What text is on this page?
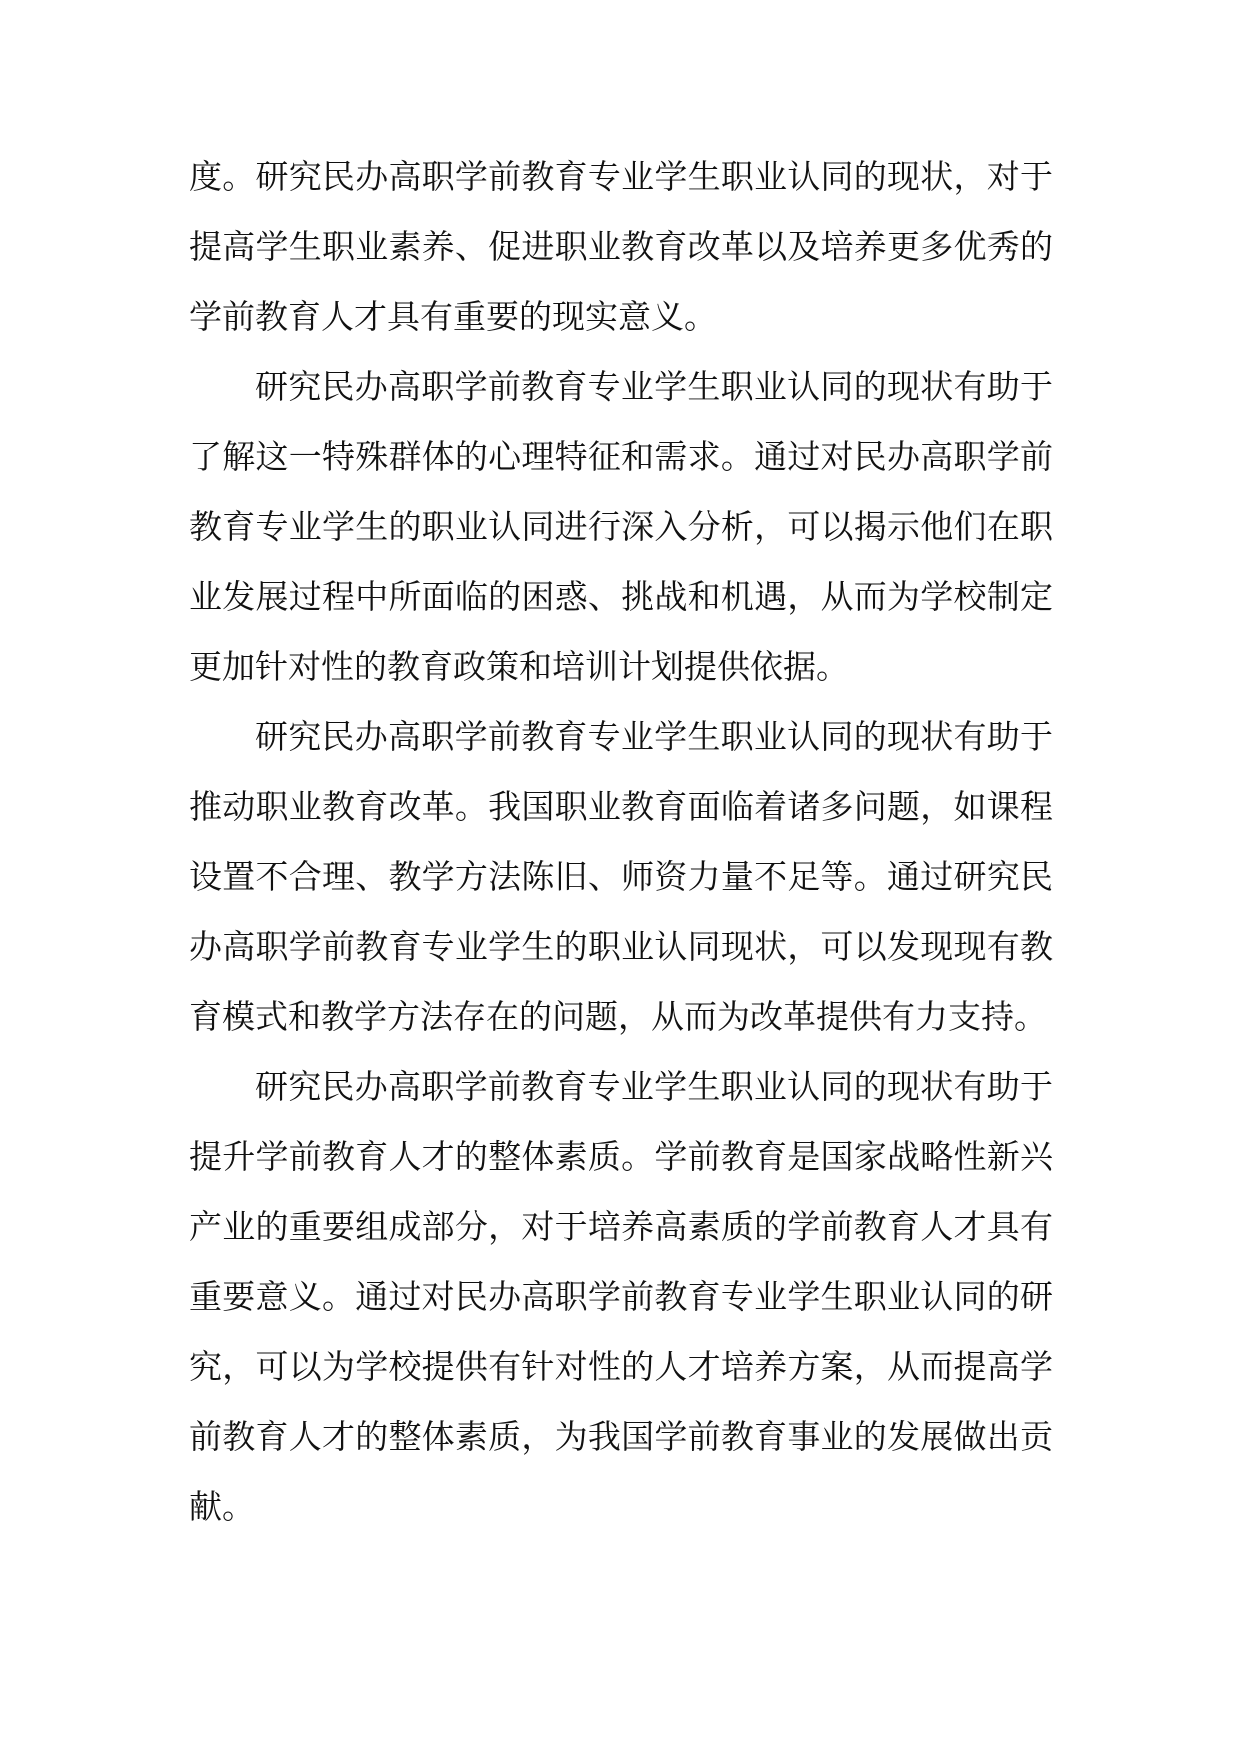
度。研究民办高职学前教育专业学生职业认同的现状，对于提高学生职业素养、促进职业教育改革以及培养更多优秀的学前教育人才具有重要的现实意义。

研究民办高职学前教育专业学生职业认同的现状有助于了解这一特殊群体的心理特征和需求。通过对民办高职学前教育专业学生的职业认同进行深入分析，可以揭示他们在职业发展过程中所面临的困惑、挑战和机遇，从而为学校制定更加针对性的教育政策和培训计划提供依据。

研究民办高职学前教育专业学生职业认同的现状有助于推动职业教育改革。我国职业教育面临着诸多问题，如课程设置不合理、教学方法陈旧、师资力量不足等。通过研究民办高职学前教育专业学生的职业认同现状，可以发现现有教育模式和教学方法存在的问题，从而为改革提供有力支持。

研究民办高职学前教育专业学生职业认同的现状有助于提升学前教育人才的整体素质。学前教育是国家战略性新兴产业的重要组成部分，对于培养高素质的学前教育人才具有重要意义。通过对民办高职学前教育专业学生职业认同的研究，可以为学校提供有针对性的人才培养方案，从而提高学前教育人才的整体素质，为我国学前教育事业的发展做出贡献。
